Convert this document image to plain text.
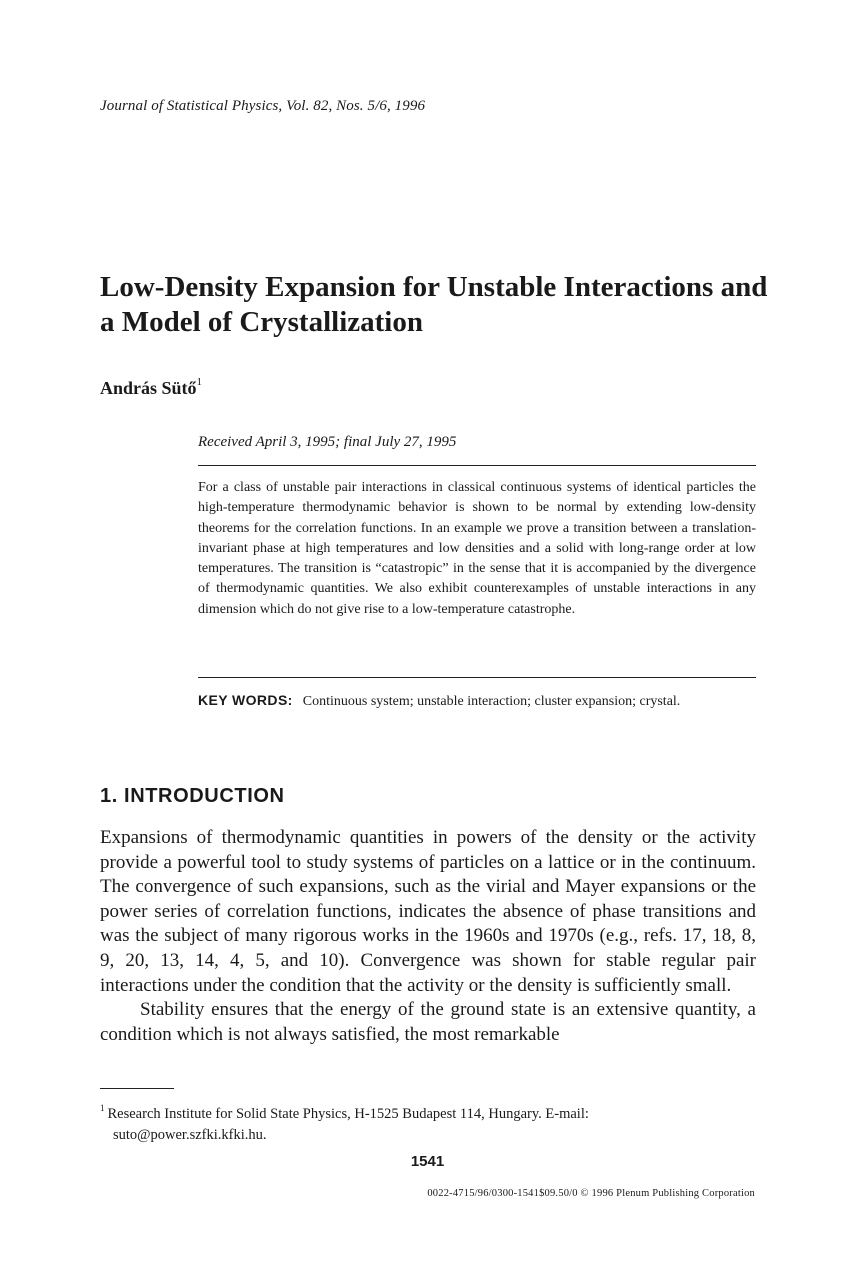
Journal of Statistical Physics, Vol. 82, Nos. 5/6, 1996
Low-Density Expansion for Unstable Interactions and a Model of Crystallization
András Sütő$^1$
Received April 3, 1995; final July 27, 1995
For a class of unstable pair interactions in classical continuous systems of identical particles the high-temperature thermodynamic behavior is shown to be normal by extending low-density theorems for the correlation functions. In an example we prove a transition between a translation-invariant phase at high temperatures and low densities and a solid with long-range order at low temperatures. The transition is “catastropic” in the sense that it is accompanied by the divergence of thermodynamic quantities. We also exhibit counterexamples of unstable interactions in any dimension which do not give rise to a low-temperature catastrophe.
KEY WORDS: Continuous system; unstable interaction; cluster expansion; crystal.
1. INTRODUCTION

Expansions of thermodynamic quantities in powers of the density or the activity provide a powerful tool to study systems of particles on a lattice or in the continuum. The convergence of such expansions, such as the virial and Mayer expansions or the power series of correlation functions, indicates the absence of phase transitions and was the subject of many rigorous works in the 1960s and 1970s (e.g., refs. 17, 18, 8, 9, 20, 13, 14, 4, 5, and 10). Convergence was shown for stable regular pair interactions under the condition that the activity or the density is sufficiently small.

Stability ensures that the energy of the ground state is an extensive quantity, a condition which is not always satisfied, the most remarkable

$^1$ Research Institute for Solid State Physics, H-1525 Budapest 114, Hungary. E-mail:
suto@power.szfki.kfki.hu.
1541
0022-4715/96/0300-1541$09.50/0 © 1996 Plenum Publishing Corporation
